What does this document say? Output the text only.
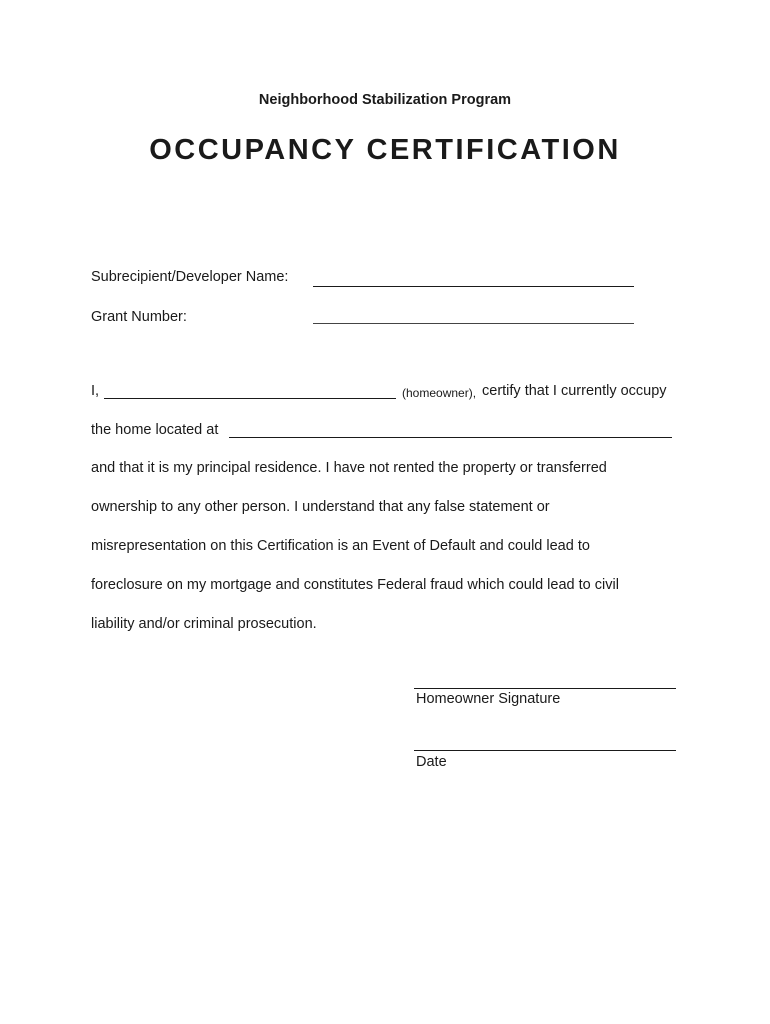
Neighborhood Stabilization Program
OCCUPANCY CERTIFICATION
Subrecipient/Developer Name:
Grant Number:
I,	(homeowner), certify that I currently occupy
the home located at
and that it is my principal residence. I have not rented the property or transferred
ownership to any other person. I understand that any false statement or
misrepresentation on this Certification is an Event of Default and could lead to
foreclosure on my mortgage and constitutes Federal fraud which could lead to civil
liability and/or criminal prosecution.
Homeowner Signature
Date
